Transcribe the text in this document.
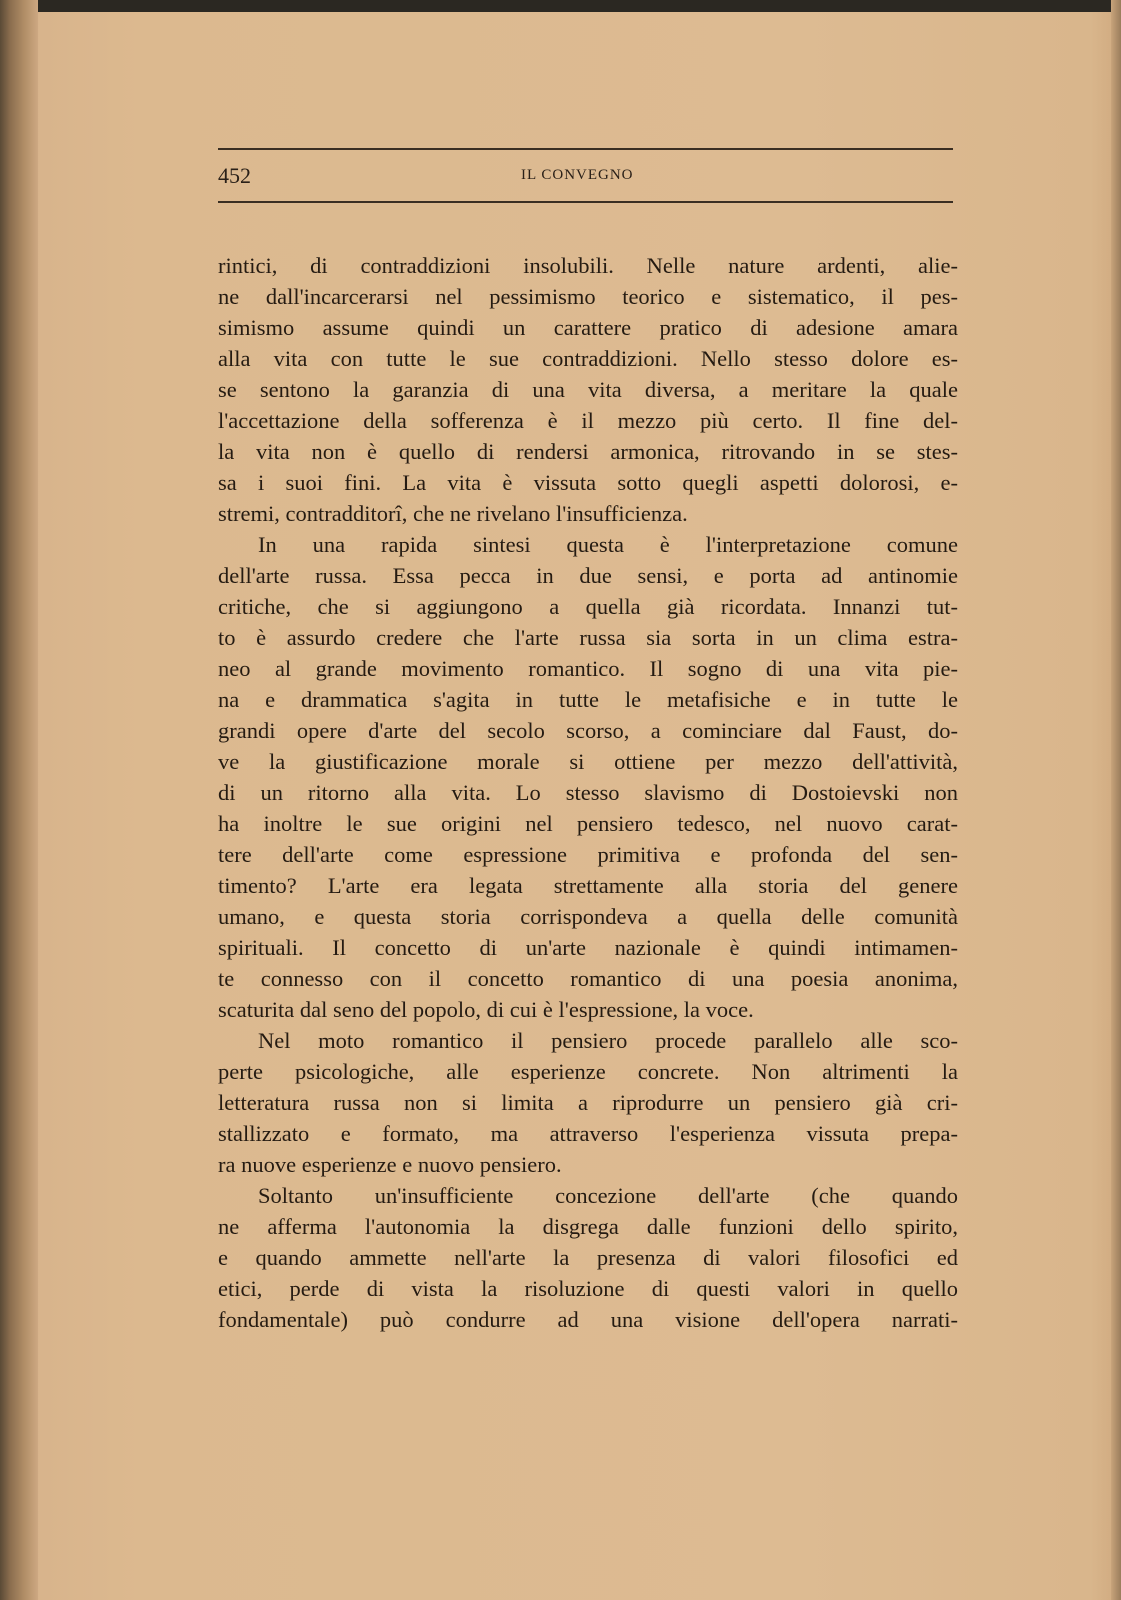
452	IL CONVEGNO
rintici, di contraddizioni insolubili. Nelle nature ardenti, alie-
ne dall'incarcerarsi nel pessimismo teorico e sistematico, il pes-
simismo assume quindi un carattere pratico di adesione amara
alla vita con tutte le sue contraddizioni. Nello stesso dolore es-
se sentono la garanzia di una vita diversa, a meritare la quale
l'accettazione della sofferenza è il mezzo più certo. Il fine del-
la vita non è quello di rendersi armonica, ritrovando in se stes-
sa i suoi fini. La vita è vissuta sotto quegli aspetti dolorosi, e-
stremi, contradditorî, che ne rivelano l'insufficienza.
In una rapida sintesi questa è l'interpretazione comune
dell'arte russa. Essa pecca in due sensi, e porta ad antinomie
critiche, che si aggiungono a quella già ricordata. Innanzi tut-
to è assurdo credere che l'arte russa sia sorta in un clima estra-
neo al grande movimento romantico. Il sogno di una vita pie-
na e drammatica s'agita in tutte le metafisiche e in tutte le
grandi opere d'arte del secolo scorso, a cominciare dal Faust, do-
ve la giustificazione morale si ottiene per mezzo dell'attività,
di un ritorno alla vita. Lo stesso slavismo di Dostoievski non
ha inoltre le sue origini nel pensiero tedesco, nel nuovo carat-
tere dell'arte come espressione primitiva e profonda del sen-
timento? L'arte era legata strettamente alla storia del genere
umano, e questa storia corrispondeva a quella delle comunità
spirituali. Il concetto di un'arte nazionale è quindi intimamen-
te connesso con il concetto romantico di una poesia anonima,
scaturita dal seno del popolo, di cui è l'espressione, la voce.
Nel moto romantico il pensiero procede parallelo alle sco-
perte psicologiche, alle esperienze concrete. Non altrimenti la
letteratura russa non si limita a riprodurre un pensiero già cri-
stallizzato e formato, ma attraverso l'esperienza vissuta prepa-
ra nuove esperienze e nuovo pensiero.
Soltanto un'insufficiente concezione dell'arte (che quando
ne afferma l'autonomia la disgrega dalle funzioni dello spirito,
e quando ammette nell'arte la presenza di valori filosofici ed
etici, perde di vista la risoluzione di questi valori in quello
fondamentale) può condurre ad una visione dell'opera narrati-
